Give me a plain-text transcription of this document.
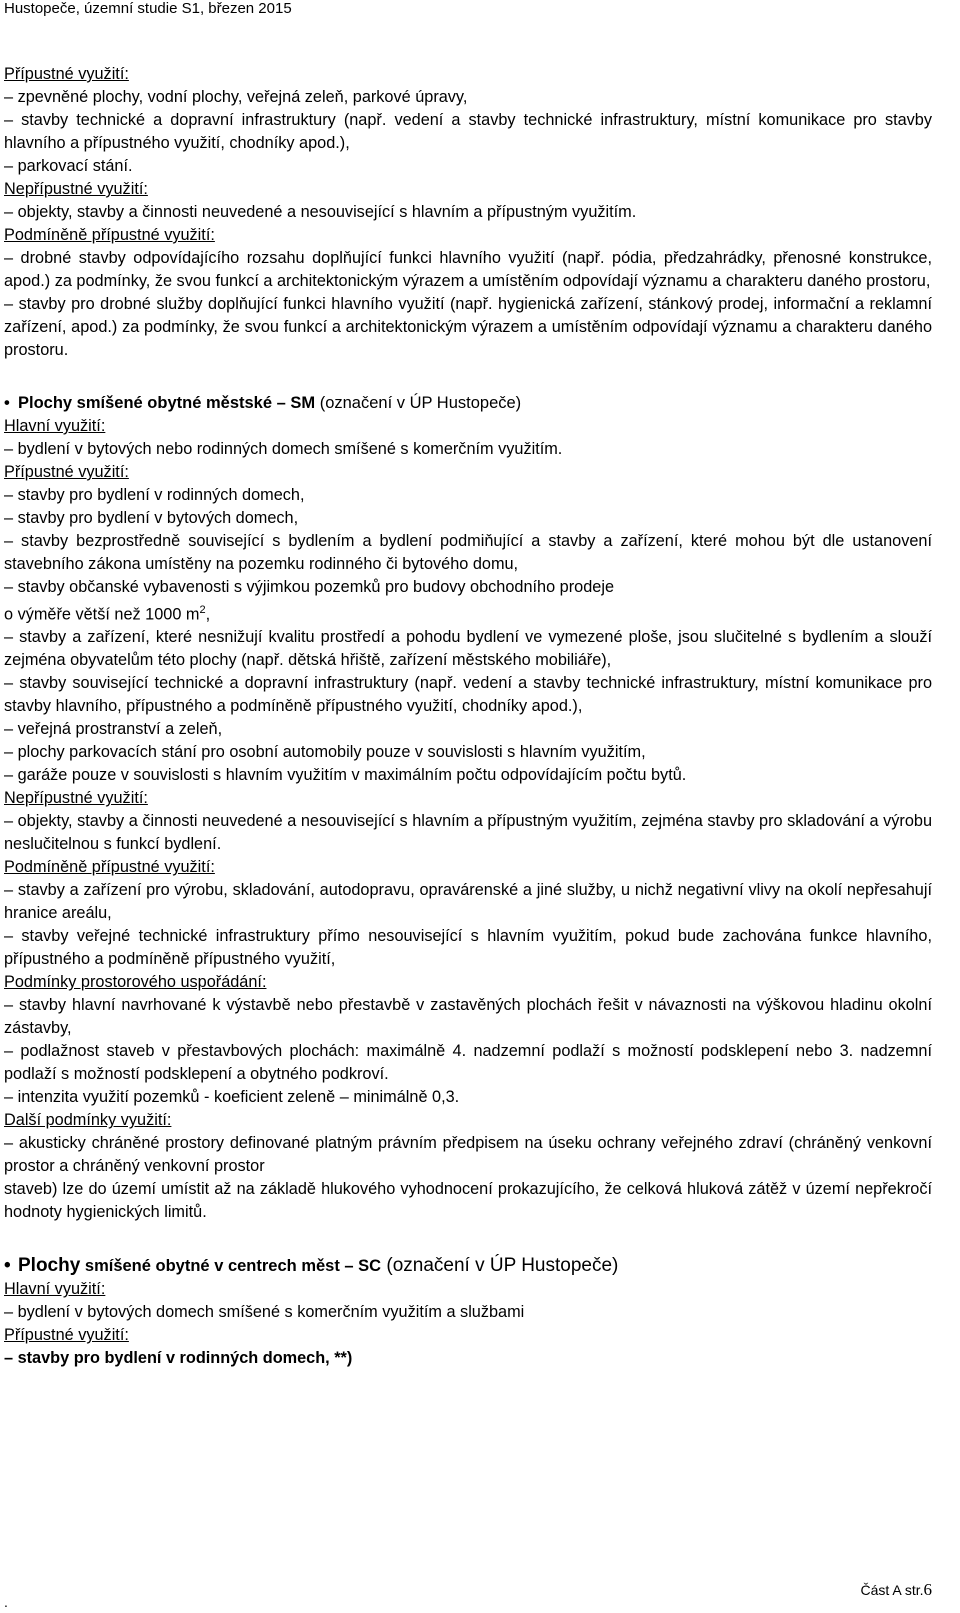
Hustopeče, územní studie S1, březen 2015
Přípustné využití:
– zpevněné plochy, vodní plochy, veřejná zeleň, parkové úpravy,
– stavby technické a dopravní infrastruktury (např. vedení a stavby technické infrastruktury, místní komunikace pro stavby hlavního a přípustného využití, chodníky apod.),
– parkovací stání.
Nepřípustné využití:
– objekty, stavby a činnosti neuvedené a nesouvisející s hlavním a přípustným využitím.
Podmíněně přípustné využití:
– drobné stavby odpovídajícího rozsahu doplňující funkci hlavního využití (např. pódia, předzahrádky, přenosné konstrukce, apod.) za podmínky, že svou funkcí a architektonickým výrazem a umístěním odpovídají významu a charakteru daného prostoru,
– stavby pro drobné služby doplňující funkci hlavního využití (např. hygienická zařízení, stánkový prodej, informační a reklamní zařízení, apod.) za podmínky, že svou funkcí a architektonickým výrazem a umístěním odpovídají významu a charakteru daného prostoru.
• Plochy smíšené obytné městské – SM (označení v ÚP Hustopeče)
Hlavní využití:
– bydlení v bytových nebo rodinných domech smíšené s komerčním využitím.
Přípustné využití:
– stavby pro bydlení v rodinných domech,
– stavby pro bydlení v bytových domech,
– stavby bezprostředně související s bydlením a bydlení podmiňující a stavby a zařízení, které mohou být dle ustanovení stavebního zákona umístěny na pozemku rodinného či bytového domu,
– stavby občanské vybavenosti s výjimkou pozemků pro budovy obchodního prodeje
o výměře větší než 1000 $m^2$,
– stavby a zařízení, které nesnižují kvalitu prostředí a pohodu bydlení ve vymezené ploše, jsou slučitelné s bydlením a slouží zejména obyvatelům této plochy (např. dětská hřiště, zařízení městského mobiliáře),
– stavby související technické a dopravní infrastruktury (např. vedení a stavby technické infrastruktury, místní komunikace pro stavby hlavního, přípustného a podmíněně přípustného využití, chodníky apod.),
– veřejná prostranství a zeleň,
– plochy parkovacích stání pro osobní automobily pouze v souvislosti s hlavním využitím,
– garáže pouze v souvislosti s hlavním využitím v maximálním počtu odpovídajícím počtu bytů.
Nepřípustné využití:
– objekty, stavby a činnosti neuvedené a nesouvisející s hlavním a přípustným využitím, zejména stavby pro skladování a výrobu neslučitelnou s funkcí bydlení.
Podmíněně přípustné využití:
– stavby a zařízení pro výrobu, skladování, autodopravu, opravárenské a jiné služby, u nichž negativní vlivy na okolí nepřesahují hranice areálu,
– stavby veřejné technické infrastruktury přímo nesouvisející s hlavním využitím, pokud bude zachována funkce hlavního, přípustného a podmíněně přípustného využití,
Podmínky prostorového uspořádání:
– stavby hlavní navrhované k výstavbě nebo přestavbě v zastavěných plochách řešit v návaznosti na výškovou hladinu okolní zástavby,
– podlažnost staveb v přestavbových plochách: maximálně 4. nadzemní podlaží s možností podsklepení nebo 3. nadzemní podlaží s možností podsklepení a obytného podkroví.
– intenzita využití pozemků - koeficient zeleně – minimálně 0,3.
Další podmínky využití:
– akusticky chráněné prostory definované platným právním předpisem na úseku ochrany veřejného zdraví (chráněný venkovní prostor a chráněný venkovní prostor
staveb) lze do území umístit až na základě hlukového vyhodnocení prokazujícího, že celková hluková zátěž v území nepřekročí hodnoty hygienických limitů.
• Plochy smíšené obytné v centrech měst – SC (označení v ÚP Hustopeče)
Hlavní využití:
– bydlení v bytových domech smíšené s komerčním využitím a službami
Přípustné využití:
– stavby pro bydlení v rodinných domech, **)
Část A str.6
.
